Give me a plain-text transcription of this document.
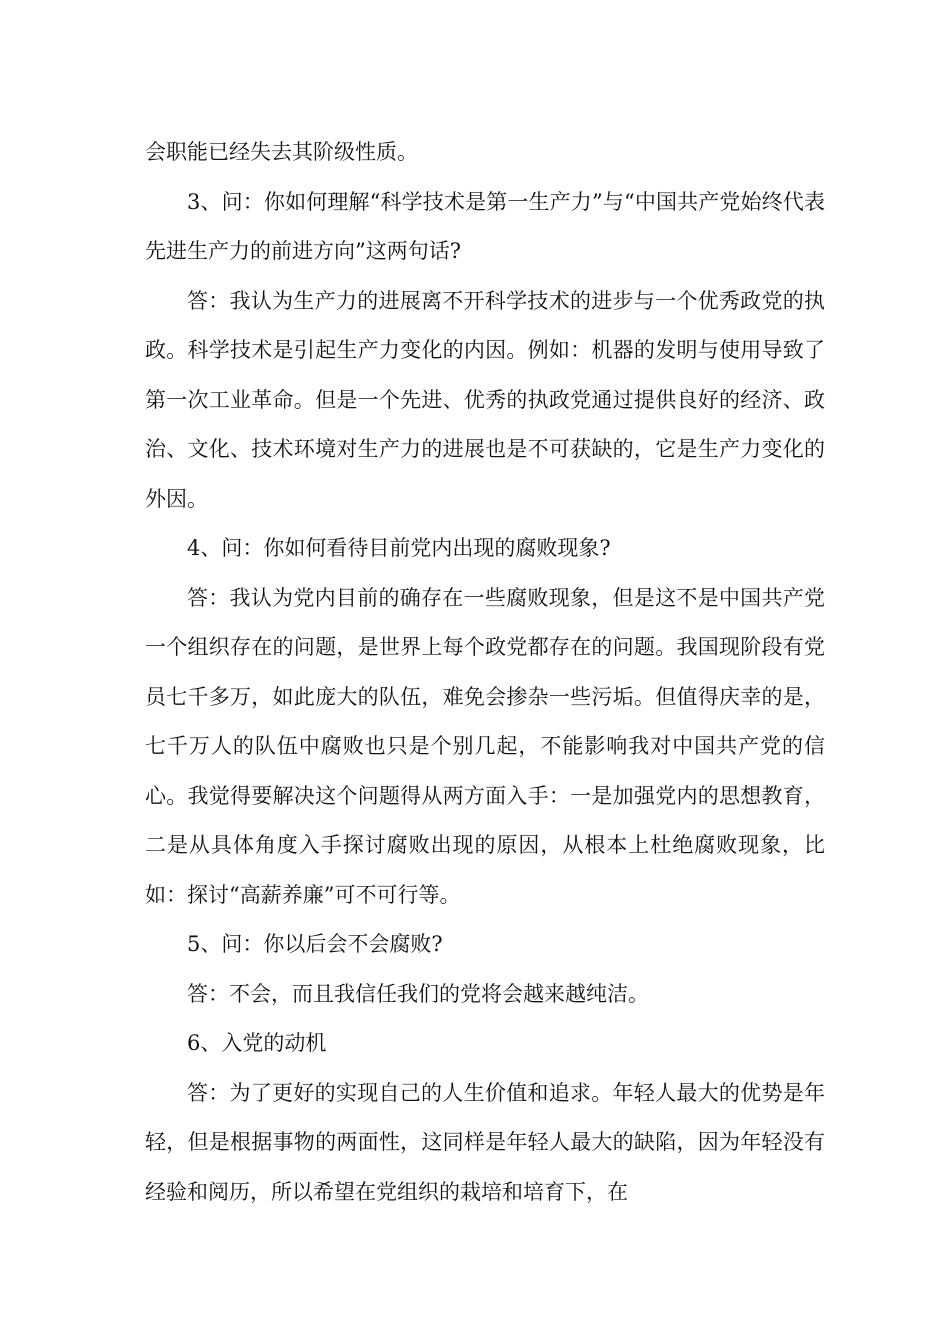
会职能已经失去其阶级性质。

3、问：你如何理解“科学技术是第一生产力”与“中国共产党始终代表先进生产力的前进方向”这两句话?

答：我认为生产力的进展离不开科学技术的进步与一个优秀政党的执政。科学技术是引起生产力变化的内因。例如：机器的发明与使用导致了第一次工业革命。但是一个先进、优秀的执政党通过提供良好的经济、政治、文化、技术环境对生产力的进展也是不可获缺的，它是生产力变化的外因。

4、问：你如何看待目前党内出现的腐败现象?

答：我认为党内目前的确存在一些腐败现象，但是这不是中国共产党一个组织存在的问题，是世界上每个政党都存在的问题。我国现阶段有党员七千多万，如此庞大的队伍，难免会掺杂一些污垢。但值得庆幸的是，七千万人的队伍中腐败也只是个别几起，不能影响我对中国共产党的信心。我觉得要解决这个问题得从两方面入手：一是加强党内的思想教育，二是从具体角度入手探讨腐败出现的原因，从根本上杜绝腐败现象，比如：探讨“高薪养廉”可不可行等。

5、问：你以后会不会腐败?

答：不会，而且我信任我们的党将会越来越纯洁。

6、入党的动机

答：为了更好的实现自己的人生价值和追求。年轻人最大的优势是年轻，但是根据事物的两面性，这同样是年轻人最大的缺陷，因为年轻没有经验和阅历，所以希望在党组织的栽培和培育下，在
